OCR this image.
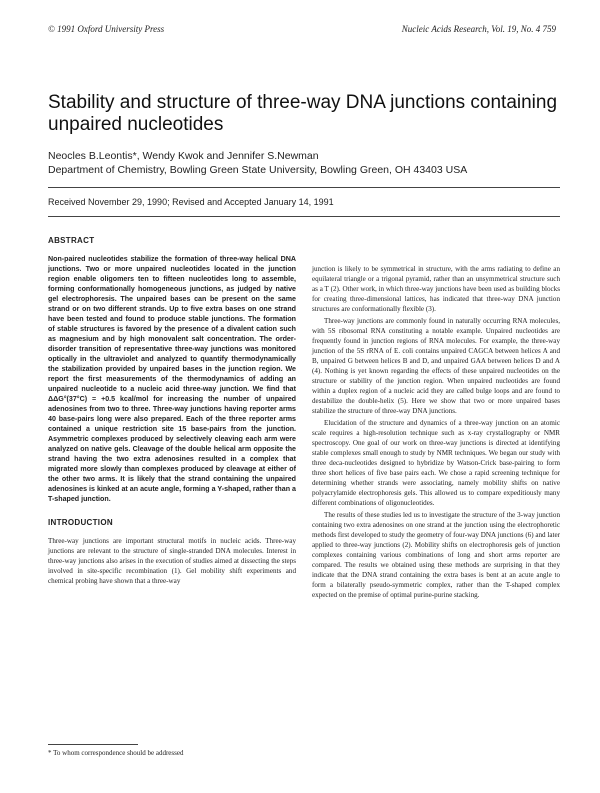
© 1991 Oxford University Press	Nucleic Acids Research, Vol. 19, No. 4 759
Stability and structure of three-way DNA junctions containing unpaired nucleotides
Neocles B.Leontis*, Wendy Kwok and Jennifer S.Newman
Department of Chemistry, Bowling Green State University, Bowling Green, OH 43403 USA
Received November 29, 1990; Revised and Accepted January 14, 1991
ABSTRACT

Non-paired nucleotides stabilize the formation of three-way helical DNA junctions. Two or more unpaired nucleotides located in the junction region enable oligomers ten to fifteen nucleotides long to assemble, forming conformationally homogeneous junctions, as judged by native gel electrophoresis. The unpaired bases can be present on the same strand or on two different strands. Up to five extra bases on one strand have been tested and found to produce stable junctions. The formation of stable structures is favored by the presence of a divalent cation such as magnesium and by high monovalent salt concentration. The order-disorder transition of representative three-way junctions was monitored optically in the ultraviolet and analyzed to quantify thermodynamically the stabilization provided by unpaired bases in the junction region. We report the first measurements of the thermodynamics of adding an unpaired nucleotide to a nucleic acid three-way junction. We find that ΔΔG°(37°C) = +0.5 kcal/mol for increasing the number of unpaired adenosines from two to three. Three-way junctions having reporter arms 40 base-pairs long were also prepared. Each of the three reporter arms contained a unique restriction site 15 base-pairs from the junction. Asymmetric complexes produced by selectively cleaving each arm were analyzed on native gels. Cleavage of the double helical arm opposite the strand having the two extra adenosines resulted in a complex that migrated more slowly than complexes produced by cleavage at either of the other two arms. It is likely that the strand containing the unpaired adenosines is kinked at an acute angle, forming a Y-shaped, rather than a T-shaped junction.

INTRODUCTION

Three-way junctions are important structural motifs in nucleic acids. Three-way junctions are relevant to the structure of single-stranded DNA molecules. Interest in three-way junctions also arises in the execution of studies aimed at dissecting the steps involved in site-specific recombination (1). Gel mobility shift experiments and chemical probing have shown that a three-way

junction is likely to be symmetrical in structure, with the arms radiating to define an equilateral triangle or a trigonal pyramid, rather than an unsymmetrical structure such as a T (2). Other work, in which three-way junctions have been used as building blocks for creating three-dimensional lattices, has indicated that three-way DNA junction structures are conformationally flexible (3).

Three-way junctions are commonly found in naturally occurring RNA molecules, with 5S ribosomal RNA constituting a notable example. Unpaired nucleotides are frequently found in junction regions of RNA molecules. For example, the three-way junction of the 5S rRNA of E. coli contains unpaired CAGCA between helices A and B, unpaired G between helices B and D, and unpaired GAA between helices D and A (4). Nothing is yet known regarding the effects of these unpaired nucleotides on the structure or stability of the junction region. When unpaired nucleotides are found within a duplex region of a nucleic acid they are called bulge loops and are found to destabilize the double-helix (5). Here we show that two or more unpaired bases stabilize the structure of three-way DNA junctions.

Elucidation of the structure and dynamics of a three-way junction on an atomic scale requires a high-resolution technique such as x-ray crystallography or NMR spectroscopy. One goal of our work on three-way junctions is directed at identifying stable complexes small enough to study by NMR techniques. We began our study with three deca-nucleotides designed to hybridize by Watson-Crick base-pairing to form three short helices of five base pairs each. We chose a rapid screening technique for determining whether strands were associating, namely mobility shifts on native polyacrylamide electrophoresis gels. This allowed us to compare expeditiously many different combinations of oligonucleotides.

The results of these studies led us to investigate the structure of the 3-way junction containing two extra adenosines on one strand at the junction using the electrophoretic methods first developed to study the geometry of four-way DNA junctions (6) and later applied to three-way junctions (2). Mobility shifts on electrophoresis gels of junction complexes containing various combinations of long and short arms reporter are compared. The results we obtained using these methods are surprising in that they indicate that the DNA strand containing the extra bases is bent at an acute angle to form a bilaterally pseudo-symmetric complex, rather than the T-shaped complex expected on the premise of optimal purine-purine stacking.

* To whom correspondence should be addressed
